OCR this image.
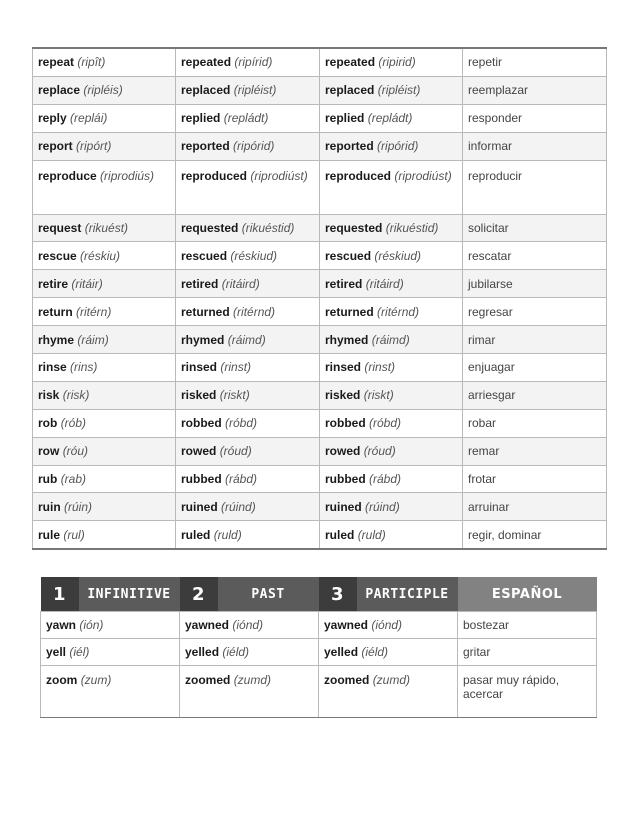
repeat (ripît)	repeated (ripírid)	repeated (ripirid)	repetir
replace (ripléis)	replaced (ripléist)	replaced (ripléist)	reemplazar
reply (replái)	replied (repládt)	replied (repládt)	responder
report (ripórt)	reported (ripórid)	reported (ripórid)	informar
reproduce (riprodiús)	reproduced (riprodiúst)	reproduced (riprodiúst)	reproducir
request (rikuést)	requested (rikuéstid)	requested (rikuéstid)	solicitar
rescue (réskiu)	rescued (réskiud)	rescued (réskiud)	rescatar
retire (ritáir)	retired (ritáird)	retired (ritáird)	jubilarse
return (ritérn)	returned (ritérnd)	returned (ritérnd)	regresar
rhyme (ráim)	rhymed (ráimd)	rhymed (ráimd)	rimar
rinse (rins)	rinsed (rinst)	rinsed (rinst)	enjuagar
risk (risk)	risked (riskt)	risked (riskt)	arriesgar
rob (rób)	robbed (róbd)	robbed (róbd)	robar
row (róu)	rowed (róud)	rowed (róud)	remar
rub (rab)	rubbed (rábd)	rubbed (rábd)	frotar
ruin (rúin)	ruined (rúind)	ruined (rúind)	arruinar
rule (rul)	ruled (ruld)	ruled (ruld)	regir, dominar
1 INFINITIVE	2 PAST	3 PARTICIPLE	ESPAÑOL
yawn (ión)	yawned (iónd)	yawned (iónd)	bostezar
yell (iél)	yelled (iéld)	yelled (iéld)	gritar
zoom (zum)	zoomed (zumd)	zoomed (zumd)	pasar muy rápido, acercar
